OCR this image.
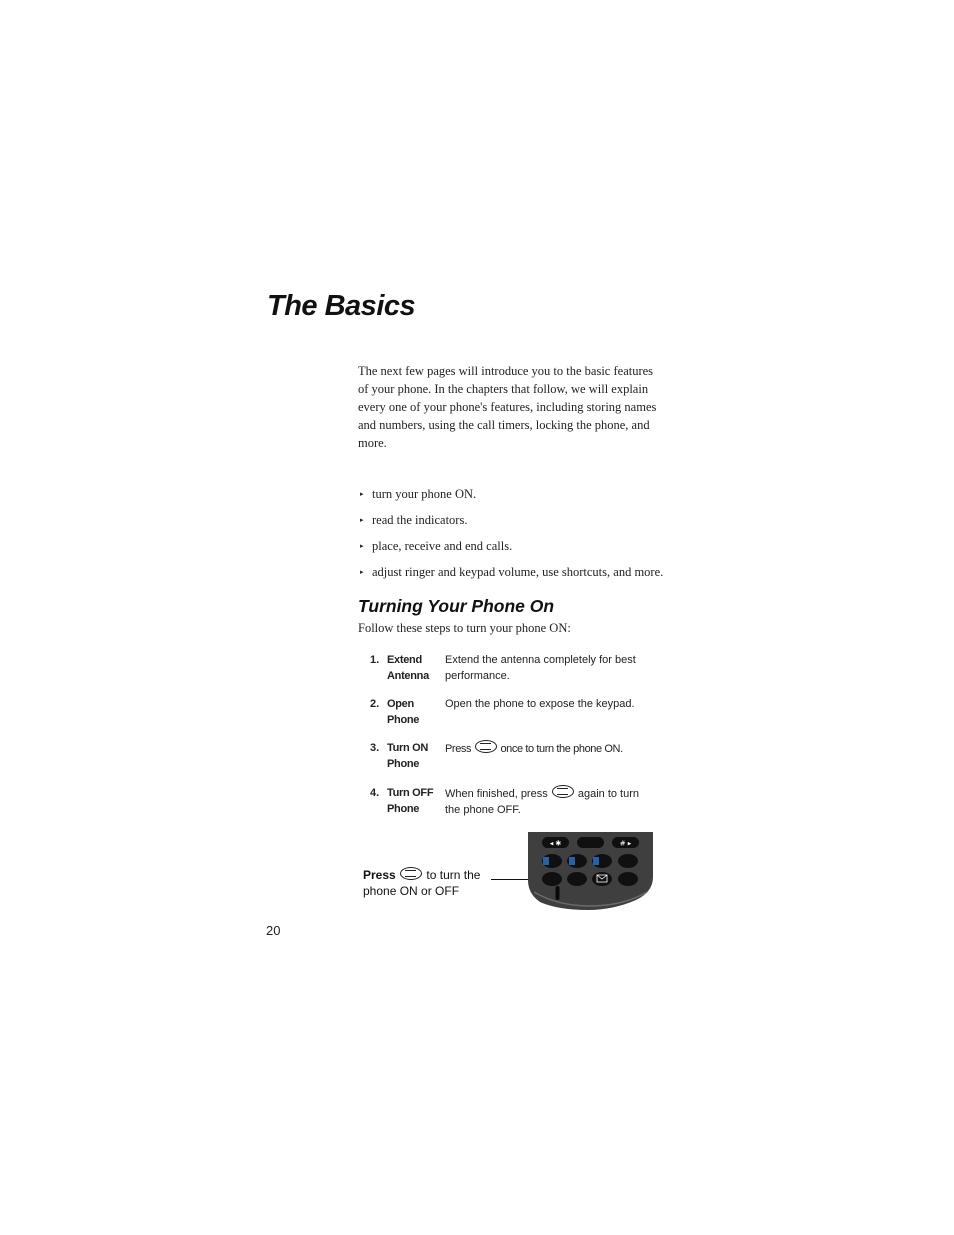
The Basics

The next few pages will introduce you to the basic features of your phone. In the chapters that follow, we will explain every one of your phone's features, including storing names and numbers, using the call timers, locking the phone, and more.

▸ turn your phone ON.
▸ read the indicators.
▸ place, receive and end calls.
▸ adjust ringer and keypad volume, use shortcuts, and more.
Turning Your Phone On

Follow these steps to turn your phone ON:

1. Extend
Antenna
Extend the antenna completely for best performance.
2. Open
Phone
Open the phone to expose the keypad.
3. Turn ON
Phone
Press	once to turn the phone ON.
4. Turn OFF
Phone
When finished, press	again to turn the phone OFF.
Press	to turn the
phone ON or OFF
◂ ✱	# ▸
20
